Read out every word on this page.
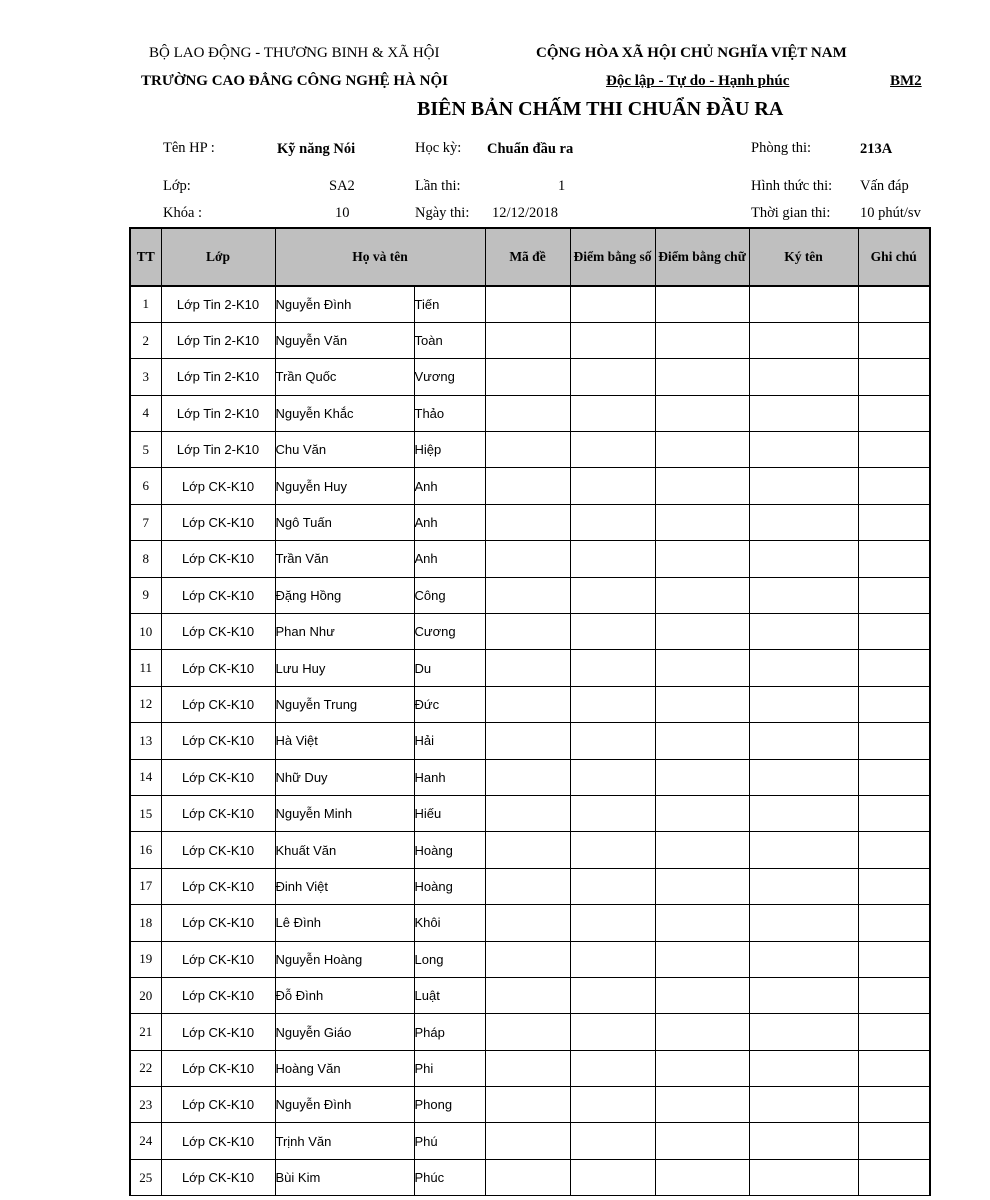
BỘ LAO ĐỘNG - THƯƠNG BINH & XÃ HỘI
TRƯỜNG CAO ĐẲNG CÔNG NGHỆ HÀ NỘI
CỘNG HÒA XÃ HỘI CHỦ NGHĨA VIỆT NAM
Độc lập - Tự do - Hạnh phúc	BM2
BIÊN BẢN CHẤM THI CHUẨN ĐẦU RA
Tên HP :	Kỹ năng Nói	Học kỳ: Chuẩn đầu ra	Phòng thi:	213A
Lớp:	SA2	Lần thi:	1	Hình thức thi: Vấn đáp
Khóa :	10	Ngày thi: 12/12/2018	Thời gian thi: 10 phút/sv
TT	Lớp	Họ và tên		Mã đề	Điểm bằng số	Điểm bằng chữ	Ký tên	Ghi chú
1	Lớp Tin 2-K10	Nguyễn Đình	Tiến					
2	Lớp Tin 2-K10	Nguyễn Văn	Toàn					
3	Lớp Tin 2-K10	Trần Quốc	Vương					
4	Lớp Tin 2-K10	Nguyễn Khắc	Thảo					
5	Lớp Tin 2-K10	Chu Văn	Hiệp					
6	Lớp CK-K10	Nguyễn Huy	Anh					
7	Lớp CK-K10	Ngô Tuấn	Anh					
8	Lớp CK-K10	Trần Văn	Anh					
9	Lớp CK-K10	Đặng Hồng	Công					
10	Lớp CK-K10	Phan Như	Cương					
11	Lớp CK-K10	Lưu Huy	Du					
12	Lớp CK-K10	Nguyễn Trung	Đức					
13	Lớp CK-K10	Hà Việt	Hải					
14	Lớp CK-K10	Nhữ Duy	Hanh					
15	Lớp CK-K10	Nguyễn Minh	Hiếu					
16	Lớp CK-K10	Khuất Văn	Hoàng					
17	Lớp CK-K10	Đinh Việt	Hoàng					
18	Lớp CK-K10	Lê Đình	Khôi					
19	Lớp CK-K10	Nguyễn Hoàng	Long					
20	Lớp CK-K10	Đỗ Đình	Luật					
21	Lớp CK-K10	Nguyễn Giáo	Pháp					
22	Lớp CK-K10	Hoàng Văn	Phi					
23	Lớp CK-K10	Nguyễn Đình	Phong					
24	Lớp CK-K10	Trịnh Văn	Phú					
25	Lớp CK-K10	Bùi Kim	Phúc					
